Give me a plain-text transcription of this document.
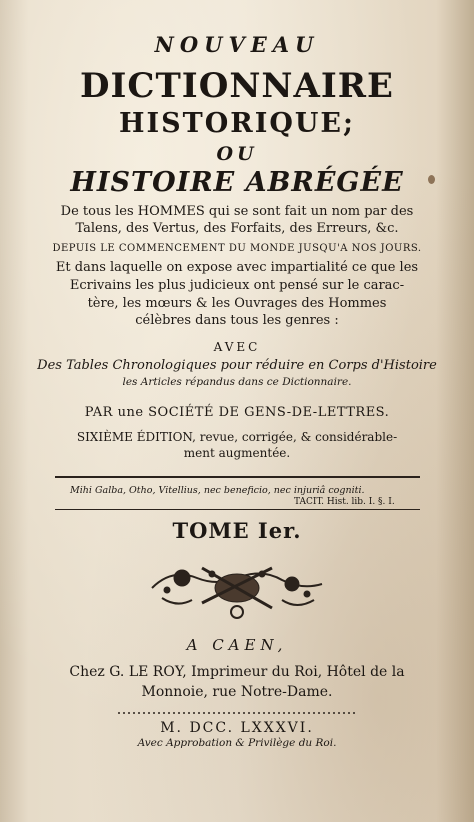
NOUVEAU
DICTIONNAIRE
HISTORIQUE;
OU
HISTOIRE ABRÉGÉE
De tous les HOMMES qui se sont fait un nom par des
Talens, des Vertus, des Forfaits, des Erreurs, &c.
DEPUIS LE COMMENCEMENT DU MONDE JUSQU'A NOS JOURS.
Et dans laquelle on expose avec impartialité ce que les
Ecrivains les plus judicieux ont pensé sur le carac-
tère, les mœurs & les Ouvrages des Hommes
célèbres dans tous les genres :
AVEC
Des Tables Chronologiques pour réduire en Corps d'Histoire
les Articles répandus dans ce Dictionnaire.
PAR une SOCIÉTÉ DE GENS-DE-LETTRES.
SIXIÈME ÉDITION, revue, corrigée, & considérable-
ment augmentée.
Mihi Galba, Otho, Vitellius, nec beneficio, nec injuriâ cogniti.
TACIT. Hist. lib. I. §. I.
TOME Ier.
A CAEN,
Chez G. LE ROY, Imprimeur du Roi, Hôtel de la
Monnoie, rue Notre-Dame.
M. DCC. LXXXVI.
Avec Approbation & Privilège du Roi.
